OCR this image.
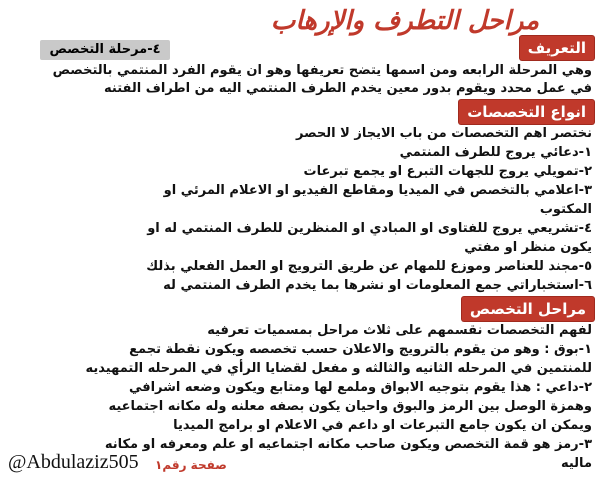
مراحل التطرف والإرهاب
٤-مرحلة التخصص	التعريف
وهي المرحلة الرابعه ومن اسمها يتضح تعريفها وهو ان يقوم الفرد المنتمي بالتخصص
في عمل محدد ويقوم بدور معين يخدم الطرف المنتمي اليه من اطراف الفتنه
انواع التخصصات
نختصر اهم التخصصات من باب الايجاز لا الحصر
١-دعائي يروج للطرف المنتمي
٢-تمويلي يروج للجهات التبرع او يجمع تبرعات
٣-اعلامي بالتخصص في الميديا ومقاطع الفيديو او الاعلام المرئي او
المكتوب
٤-تشريعي يروج للفتاوى او المبادي او المنظرين للطرف المنتمي له او
يكون منظر او مفتي
٥-مجند للعناصر وموزع للمهام عن طريق الترويج او العمل الفعلي بذلك
٦-استخباراتي جمع المعلومات او نشرها بما يخدم الطرف المنتمي له
مراحل التخصص
لفهم التخصصات نقسمهم على ثلاث مراحل بمسميات تعرفيه
١-بوق : وهو من يقوم بالترويج والاعلان حسب تخصصه ويكون نقطة تجمع
للمنتمين في المرحله الثانيه والثالثه و مفعل لقضايا الرأي في المرحله التمهيديه
٢-داعي : هذا يقوم بتوجيه الابواق وملمع لها ومتابع ويكون وضعه اشرافي
وهمزة الوصل بين الرمز والبوق واحيان يكون بصفه معلنه وله مكانه اجتماعيه
ويمكن ان يكون جامع التبرعات او داعم في الاعلام او برامج الميديا
٣-رمز هو قمة التخصص ويكون صاحب مكانه اجتماعيه او علم ومعرفه او مكانه
ماليه
صفحة رقم١
@Abdulaziz505
